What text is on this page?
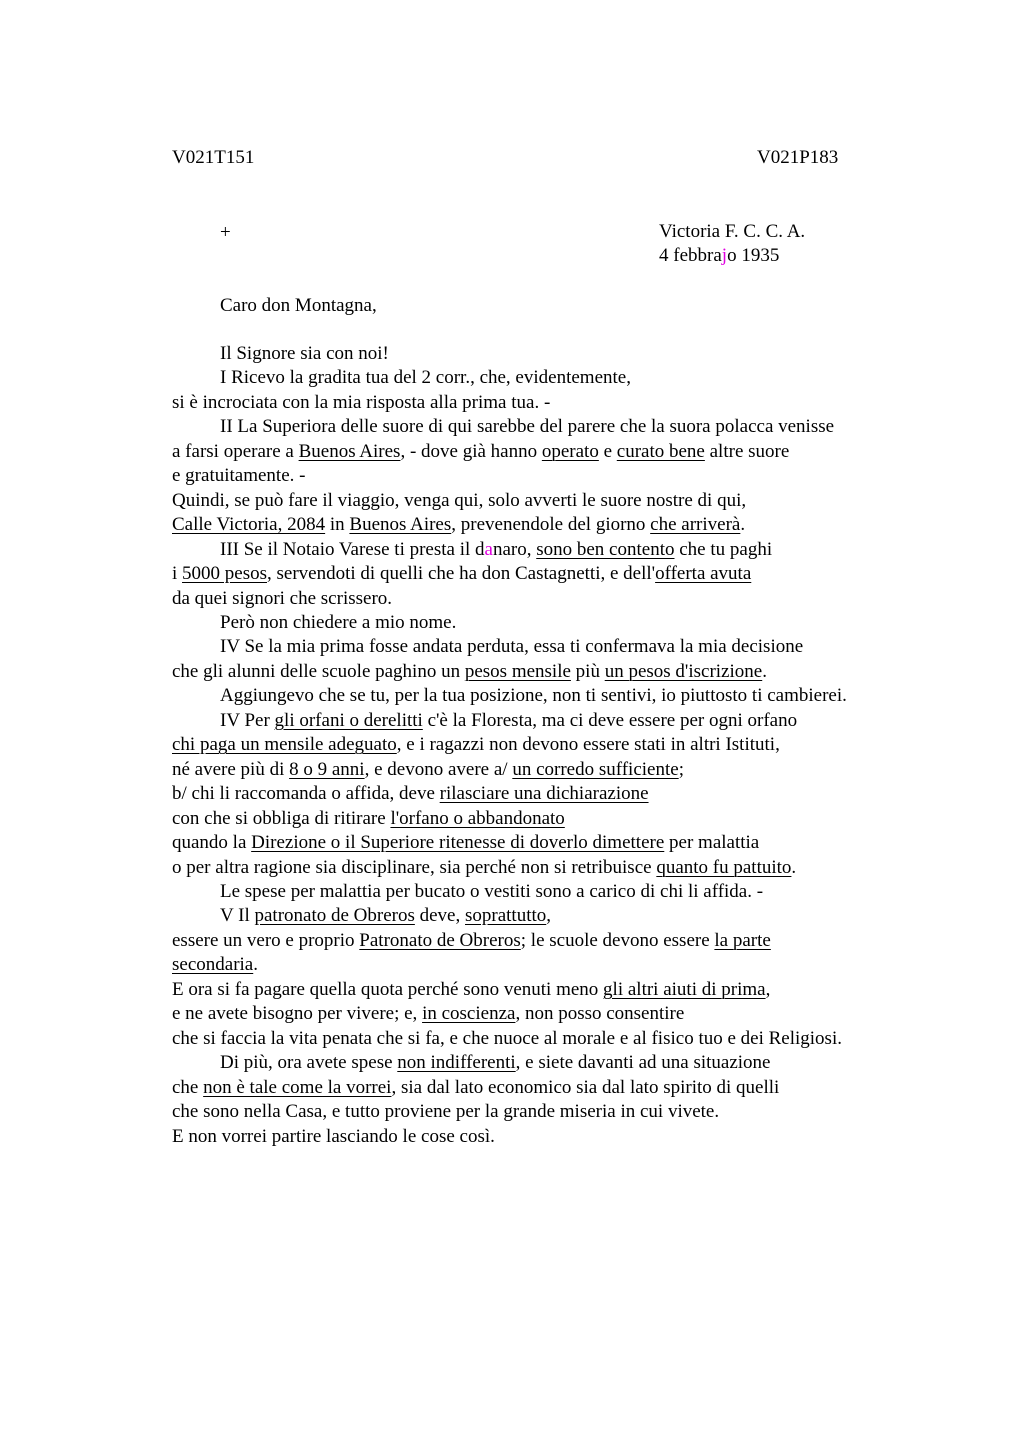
V021T151	V021P183
+	Victoria F. C. C. A.
4 febbrajo 1935
Caro don Montagna,
Il Signore sia con noi!
I Ricevo la gradita tua del 2 corr., che, evidentemente,
si è incrociata con la mia risposta alla prima tua. -
II La Superiora delle suore di qui sarebbe del parere che la suora polacca venisse
a farsi operare a Buenos Aires, - dove già hanno operato e curato bene altre suore
e gratuitamente. -
Quindi, se può fare il viaggio, venga qui, solo avverti le suore nostre di qui,
Calle Victoria, 2084 in Buenos Aires, prevenendole del giorno che arriverà.
III Se il Notaio Varese ti presta il danaro, sono ben contento che tu paghi
i 5000 pesos, servendoti di quelli che ha don Castagnetti, e dell'offerta avuta
da quei signori che scrissero.
Però non chiedere a mio nome.
IV Se la mia prima fosse andata perduta, essa ti confermava la mia decisione
che gli alunni delle scuole paghino un pesos mensile più un pesos d'iscrizione.
Aggiungevo che se tu, per la tua posizione, non ti sentivi, io piuttosto ti cambierei.
IV Per gli orfani o derelitti c'è la Floresta, ma ci deve essere per ogni orfano
chi paga un mensile adeguato, e i ragazzi non devono essere stati in altri Istituti,
né avere più di 8 o 9 anni, e devono avere a/ un corredo sufficiente;
b/ chi li raccomanda o affida, deve rilasciare una dichiarazione
con che si obbliga di ritirare l'orfano o abbandonato
quando la Direzione o il Superiore ritenesse di doverlo dimettere per malattia
o per altra ragione sia disciplinare, sia perché non si retribuisce quanto fu pattuito.
Le spese per malattia per bucato o vestiti sono a carico di chi li affida. -
V Il patronato de Obreros deve, soprattutto,
essere un vero e proprio Patronato de Obreros; le scuole devono essere la parte
secondaria.
E ora si fa pagare quella quota perché sono venuti meno gli altri aiuti di prima,
e ne avete bisogno per vivere; e, in coscienza, non posso consentire
che si faccia la vita penata che si fa, e che nuoce al morale e al fisico tuo e dei Religiosi.
Di più, ora avete spese non indifferenti, e siete davanti ad una situazione
che non è tale come la vorrei, sia dal lato economico sia dal lato spirito di quelli
che sono nella Casa, e tutto proviene per la grande miseria in cui vivete.
E non vorrei partire lasciando le cose così.
